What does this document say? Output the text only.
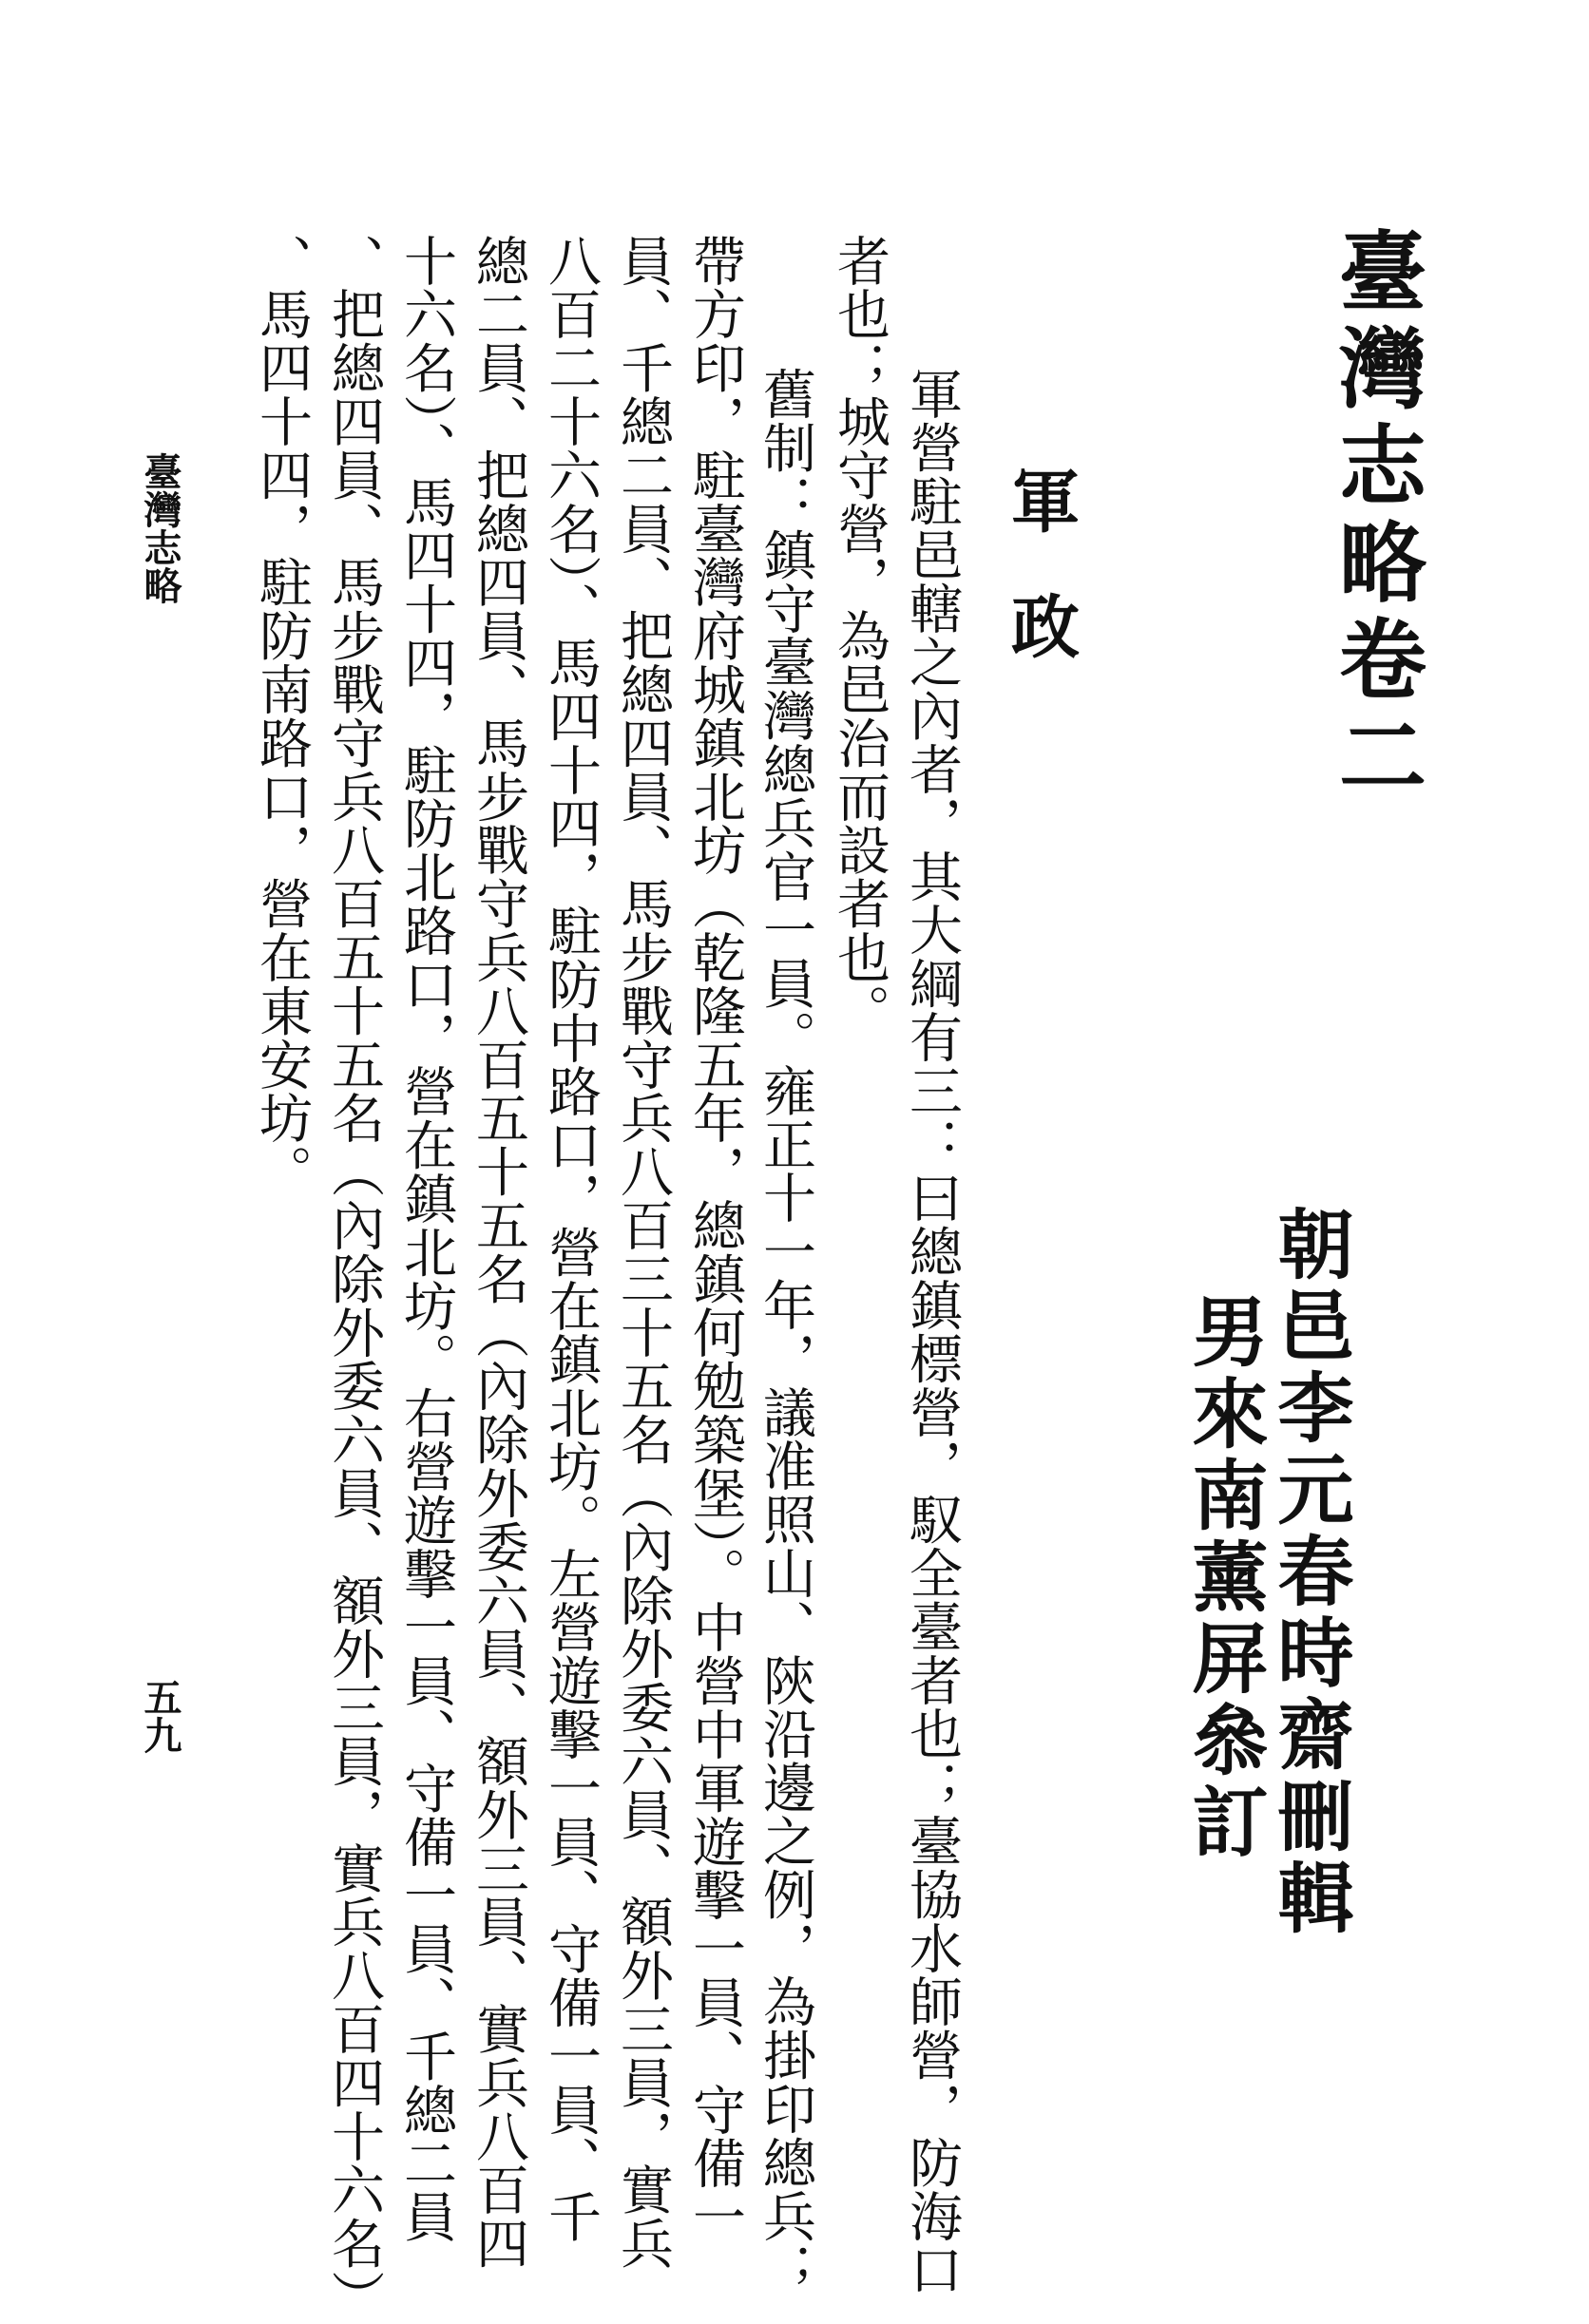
臺灣志略卷二
朝邑李元春時齋刪輯
男來南薰屏叅訂
軍政
　軍營駐邑轄之內者，其大綱有三：曰總鎮標營，馭全臺者也；臺協水師營，防海口
者也；城守營，為邑治而設者也。
　舊制：鎮守臺灣總兵官一員。雍正十一年，議准照山、陝沿邊之例，為掛印總兵；
帶方印，駐臺灣府城鎮北坊（乾隆五年，總鎮何勉築堡）。中營中軍遊擊一員、守備一
員、千總二員、把總四員、馬步戰守兵八百三十五名（內除外委六員、額外三員，實兵
八百二十六名）、馬四十四，駐防中路口，營在鎮北坊。左營遊擊一員、守備一員、千
總二員、把總四員、馬步戰守兵八百五十五名（內除外委六員、額外三員、實兵八百四
十六名）、馬四十四，駐防北路口，營在鎮北坊。右營遊擊一員、守備一員、千總二員
、把總四員、馬步戰守兵八百五十五名（內除外委六員、額外三員，實兵八百四十六名）
、馬四十四，駐防南路口，營在東安坊。
臺灣志略
五九
